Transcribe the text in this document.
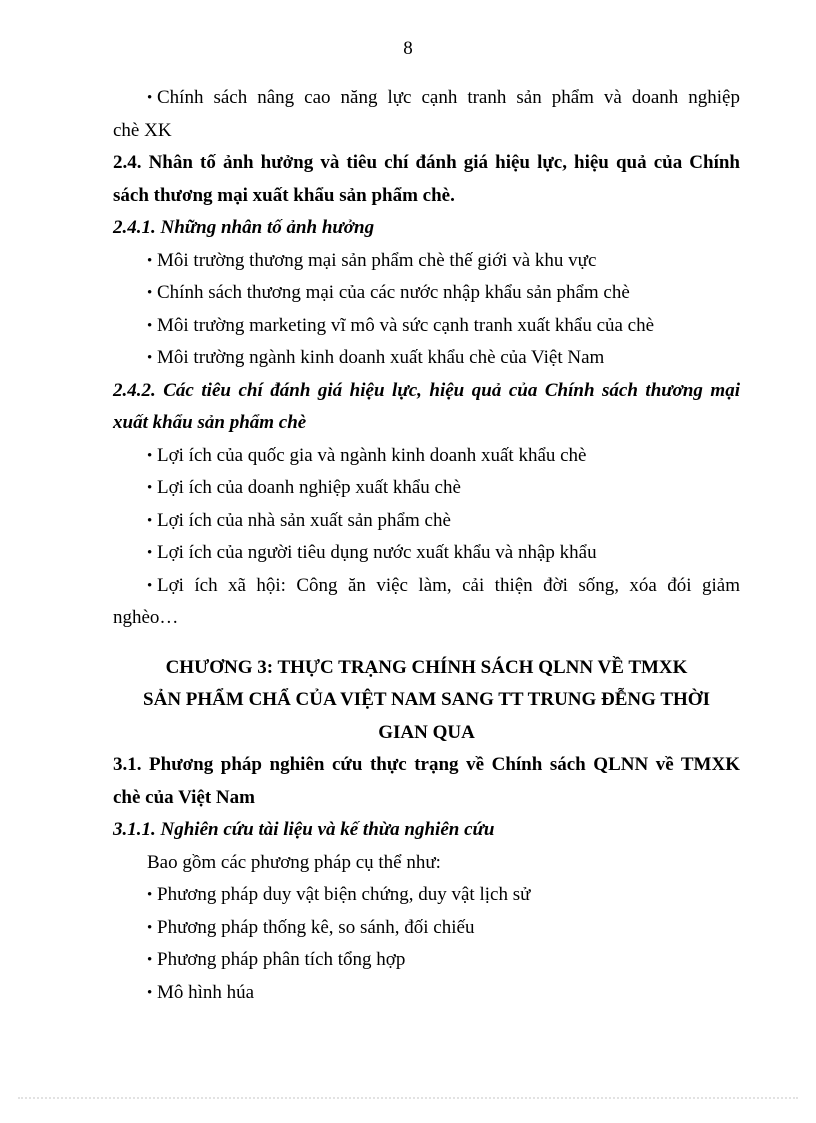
8

• Chính sách nâng cao năng lực cạnh tranh sản phẩm và doanh nghiệp

chè XK

2.4. Nhân tố ảnh hưởng và tiêu chí đánh giá hiệu lực, hiệu quả của Chính

sách thương mại xuất khẩu sản phẩm chè.

2.4.1. Những nhân tố ảnh hưởng

• Môi trường thương mại sản phẩm chè thế giới và khu vực

• Chính sách thương mại của các nước nhập khẩu sản phẩm chè

• Môi trường marketing vĩ mô và sức cạnh tranh xuất khẩu của chè

• Môi trường ngành kinh doanh xuất khẩu chè của Việt Nam

2.4.2. Các tiêu chí đánh giá hiệu lực, hiệu quả của Chính sách thương mại

xuất khẩu sản phẩm chè

• Lợi ích của quốc gia và ngành kinh doanh xuất khẩu chè

• Lợi ích của doanh nghiệp xuất khẩu chè

• Lợi ích của nhà sản xuất sản phẩm chè

• Lợi ích của người tiêu dụng nước xuất khẩu và nhập khẩu

• Lợi ích xã hội: Công ăn việc làm, cải thiện đời sống, xóa đói giảm

nghèo…

CHƯƠNG 3: THỰC TRẠNG CHÍNH SÁCH QLNN VỀ TMXK

SẢN PHẨM CHẨ CỦA VIỆT NAM SANG TT TRUNG ĐỄNG THỜI

GIAN QUA

3.1. Phương pháp nghiên cứu thực trạng về Chính sách QLNN về TMXK

chè của Việt Nam

3.1.1. Nghiên cứu tài liệu và kế thừa nghiên cứu

Bao gồm các phương pháp cụ thể như:

• Phương pháp duy vật biện chứng, duy vật lịch sử

• Phương pháp thống kê, so sánh, đối chiếu

• Phương pháp phân tích tổng hợp

• Mô hình húa
